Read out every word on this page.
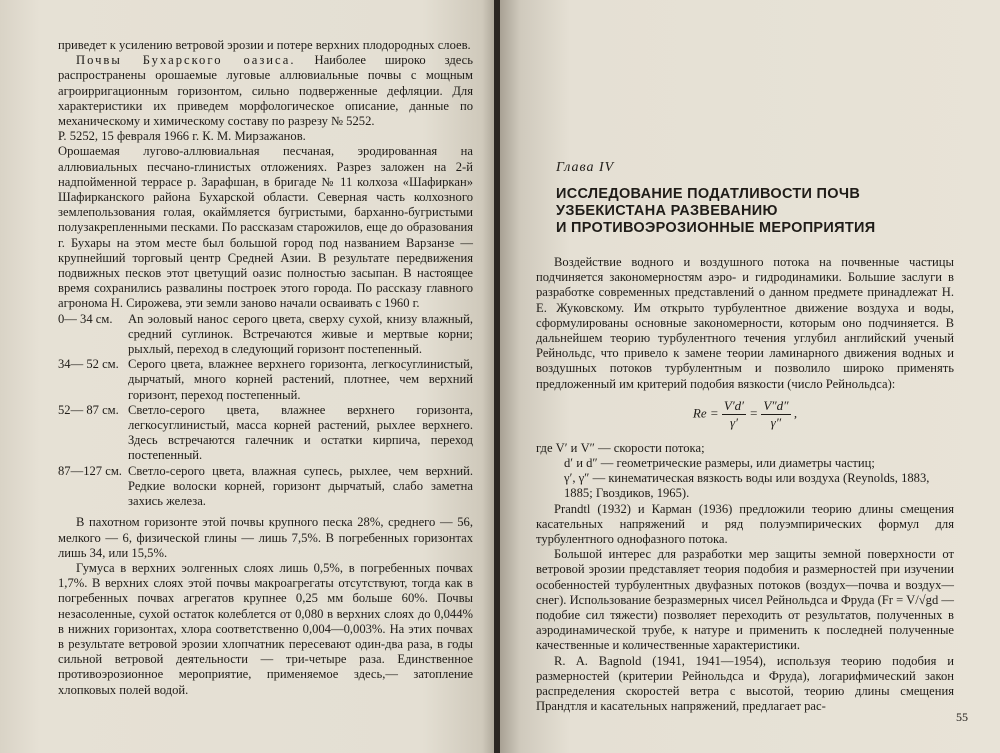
приведет к усилению ветровой эрозии и потере верхних плодородных слоев.

Почвы Бухарского оазиса. Наиболее широко здесь распространены орошаемые луговые аллювиальные почвы с мощным агроирригационным горизонтом, сильно подверженные дефляции. Для характеристики их приведем морфологическое описание, данные по механическому и химическому составу по разрезу № 5252.

Р. 5252, 15 февраля 1966 г. К. М. Мирзажанов.

Орошаемая лугово-аллювиальная песчаная, эродированная на аллювиальных песчано-глинистых отложениях. Разрез заложен на 2-й надпойменной террасе р. Зарафшан, в бригаде № 11 колхоза «Шафиркан» Шафирканского района Бухарской области. Северная часть колхозного землепользования голая, окаймляется бугристыми, барханно-бугристыми полузакрепленными песками. По рассказам старожилов, еще до образования г. Бухары на этом месте был большой город под названием Варзанзе — крупнейший торговый центр Средней Азии. В результате передвижения подвижных песков этот цветущий оазис полностью засыпан. В настоящее время сохранились развалины построек этого города. По рассказу главного агронома Н. Сирожева, эти земли заново начали осваивать с 1960 г.

0— 34 см.	Аn эоловый нанос серого цвета, сверху сухой, книзу влажный, средний суглинок. Встречаются живые и мертвые корни; рыхлый, переход в следующий горизонт постепенный.
34— 52 см. Серого цвета, влажнее верхнего горизонта, легкосуглинистый, дырчатый, много корней растений, плотнее, чем верхний горизонт, переход постепенный.
52— 87 см. Светло-серого цвета, влажнее верхнего горизонта, легкосуглинистый, масса корней растений, рыхлее верхнего. Здесь встречаются галечник и остатки кирпича, переход постепенный.
87—127 см. Светло-серого цвета, влажная супесь, рыхлее, чем верхний. Редкие волоски корней, горизонт дырчатый, слабо заметна захись железа.

В пахотном горизонте этой почвы крупного песка 28%, среднего — 56, мелкого — 6, физической глины — лишь 7,5%. В погребенных горизонтах лишь 34, или 15,5%.

Гумуса в верхних эолгенных слоях лишь 0,5%, в погребенных почвах 1,7%. В верхних слоях этой почвы макроагрегаты отсутствуют, тогда как в погребенных почвах агрегатов крупнее 0,25 мм больше 60%. Почвы незасоленные, сухой остаток колеблется от 0,080 в верхних слоях до 0,044% в нижних горизонтах, хлора соответственно 0,004—0,003%. На этих почвах в результате ветровой эрозии хлопчатник пересевают один-два раза, в годы сильной ветровой деятельности — три-четыре раза. Единственное противоэрозионное мероприятие, применяемое здесь,— затопление хлопковых полей водой.

Глава IV
ИССЛЕДОВАНИЕ ПОДАТЛИВОСТИ ПОЧВ
УЗБЕКИСТАНА РАЗВЕВАНИЮ
И ПРОТИВОЭРОЗИОННЫЕ МЕРОПРИЯТИЯ

Воздействие водного и воздушного потока на почвенные частицы подчиняется закономерностям аэро- и гидродинамики. Большие заслуги в разработке современных представлений о данном предмете принадлежат Н. Е. Жуковскому. Им открыто турбулентное движение воздуха и воды, сформулированы основные закономерности, которым оно подчиняется. В дальнейшем теорию турбулентного течения углубил английский ученый Рейнольдс, что привело к замене теории ламинарного движения водных и воздушных потоков турбулентным и позволило широко применять предложенный им критерий подобия вязкости (число Рейнольдса):

$Re = \frac{V'd'}{\gamma'} = \frac{V''d''}{\gamma''}$ ,
где V′ и V″ — скорости потока;
d′ и d″ — геометрические размеры, или диаметры частиц;
γ′, γ″ — кинематическая вязкость воды или воздуха (Reynolds, 1883, 1885; Гвоздиков, 1965).

Prandtl (1932) и Карман (1936) предложили теорию длины смещения касательных напряжений и ряд полуэмпирических формул для турбулентного однофазного потока.

Большой интерес для разработки мер защиты земной поверхности от ветровой эрозии представляет теория подобия и размерностей при изучении особенностей турбулентных двуфазных потоков (воздух—почва и воздух—снег). Использование безразмерных чисел Рейнольдса и Фруда (Fr = V/√gd — подобие сил тяжести) позволяет переходить от результатов, полученных в аэродинамической трубе, к натуре и применить к последней полученные качественные и количественные характеристики.

R. A. Bagnold (1941, 1941—1954), используя теорию подобия и размерностей (критерии Рейнольдса и Фруда), логарифмический закон распределения скоростей ветра с высотой, теорию длины смещения Прандтля и касательных напряжений, предлагает рас-

55
